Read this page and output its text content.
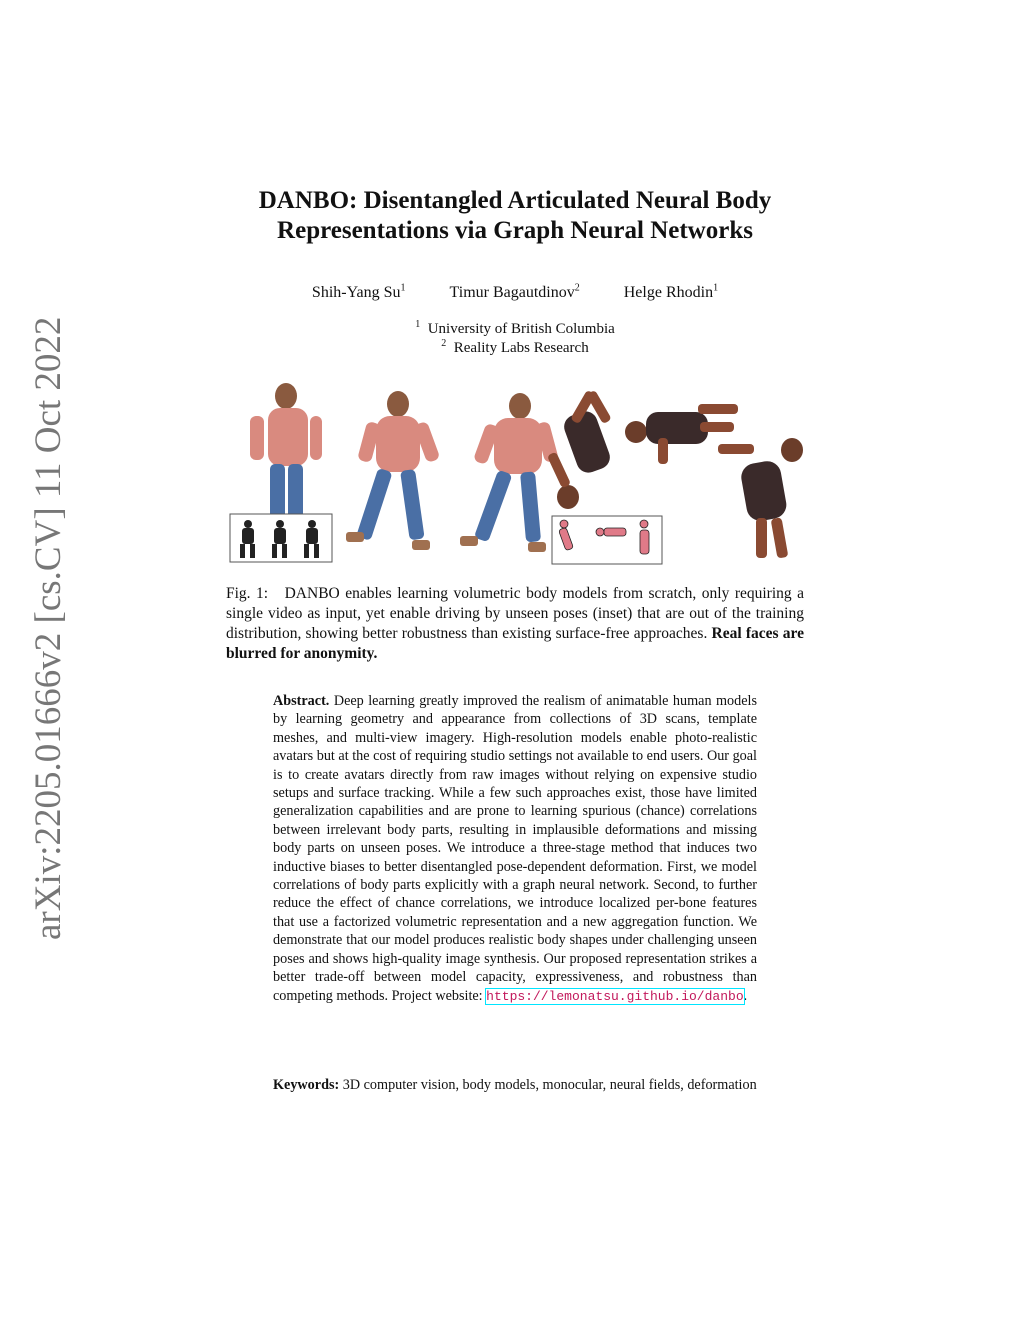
arXiv:2205.01666v2 [cs.CV] 11 Oct 2022
DANBO: Disentangled Articulated Neural Body
Representations via Graph Neural Networks
Shih-Yang Su$^1$	Timur Bagautdinov$^2$	Helge Rhodin$^1$
$^1$ University of British Columbia
$^2$ Reality Labs Research
Fig. 1: DANBO enables learning volumetric body models from scratch, only requiring a single video as input, yet enable driving by unseen poses (inset) that are out of the training distribution, showing better robustness than existing surface-free approaches. Real faces are blurred for anonymity.
Abstract. Deep learning greatly improved the realism of animatable human models by learning geometry and appearance from collections of 3D scans, template meshes, and multi-view imagery. High-resolution models enable photo-realistic avatars but at the cost of requiring studio settings not available to end users. Our goal is to create avatars directly from raw images without relying on expensive studio setups and surface tracking. While a few such approaches exist, those have limited generalization capabilities and are prone to learning spurious (chance) correlations between irrelevant body parts, resulting in implausible deformations and missing body parts on unseen poses. We introduce a three-stage method that induces two inductive biases to better disentangled pose-dependent deformation. First, we model correlations of body parts explicitly with a graph neural network. Second, to further reduce the effect of chance correlations, we introduce localized per-bone features that use a factorized volumetric representation and a new aggregation function. We demonstrate that our model produces realistic body shapes under challenging unseen poses and shows high-quality image synthesis. Our proposed representation strikes a better trade-off between model capacity, expressiveness, and robustness than competing methods. Project website: https://lemonatsu.github.io/danbo.
Keywords: 3D computer vision, body models, monocular, neural fields, deformation
